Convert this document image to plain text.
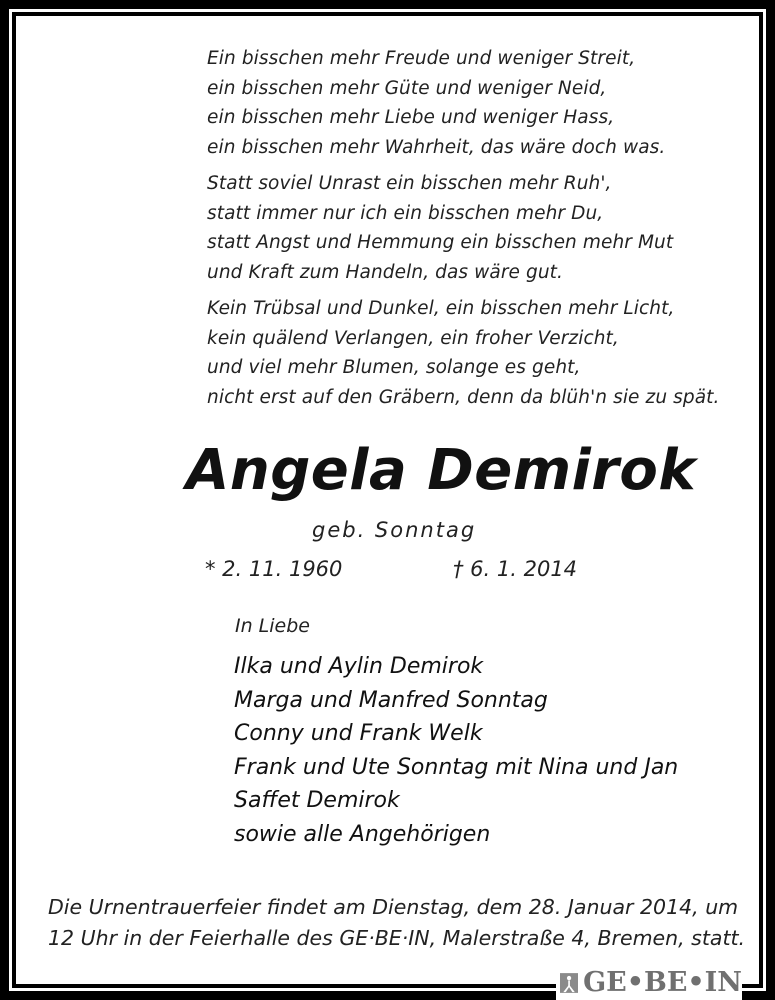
Ein bisschen mehr Freude und weniger Streit,
ein bisschen mehr Güte und weniger Neid,
ein bisschen mehr Liebe und weniger Hass,
ein bisschen mehr Wahrheit, das wäre doch was.
Statt soviel Unrast ein bisschen mehr Ruh',
statt immer nur ich ein bisschen mehr Du,
statt Angst und Hemmung ein bisschen mehr Mut
und Kraft zum Handeln, das wäre gut.
Kein Trübsal und Dunkel, ein bisschen mehr Licht,
kein quälend Verlangen, ein froher Verzicht,
und viel mehr Blumen, solange es geht,
nicht erst auf den Gräbern, denn da blüh'n sie zu spät.
Angela Demirok
geb. Sonntag
* 2. 11. 1960	† 6. 1. 2014
In Liebe
Ilka und Aylin Demirok
Marga und Manfred Sonntag
Conny und Frank Welk
Frank und Ute Sonntag mit Nina und Jan
Saffet Demirok
sowie alle Angehörigen
Die Urnentrauerfeier findet am Dienstag, dem 28. Januar 2014, um
12 Uhr in der Feierhalle des GE·BE·IN, Malerstraße 4, Bremen, statt.
GE•BE•IN
